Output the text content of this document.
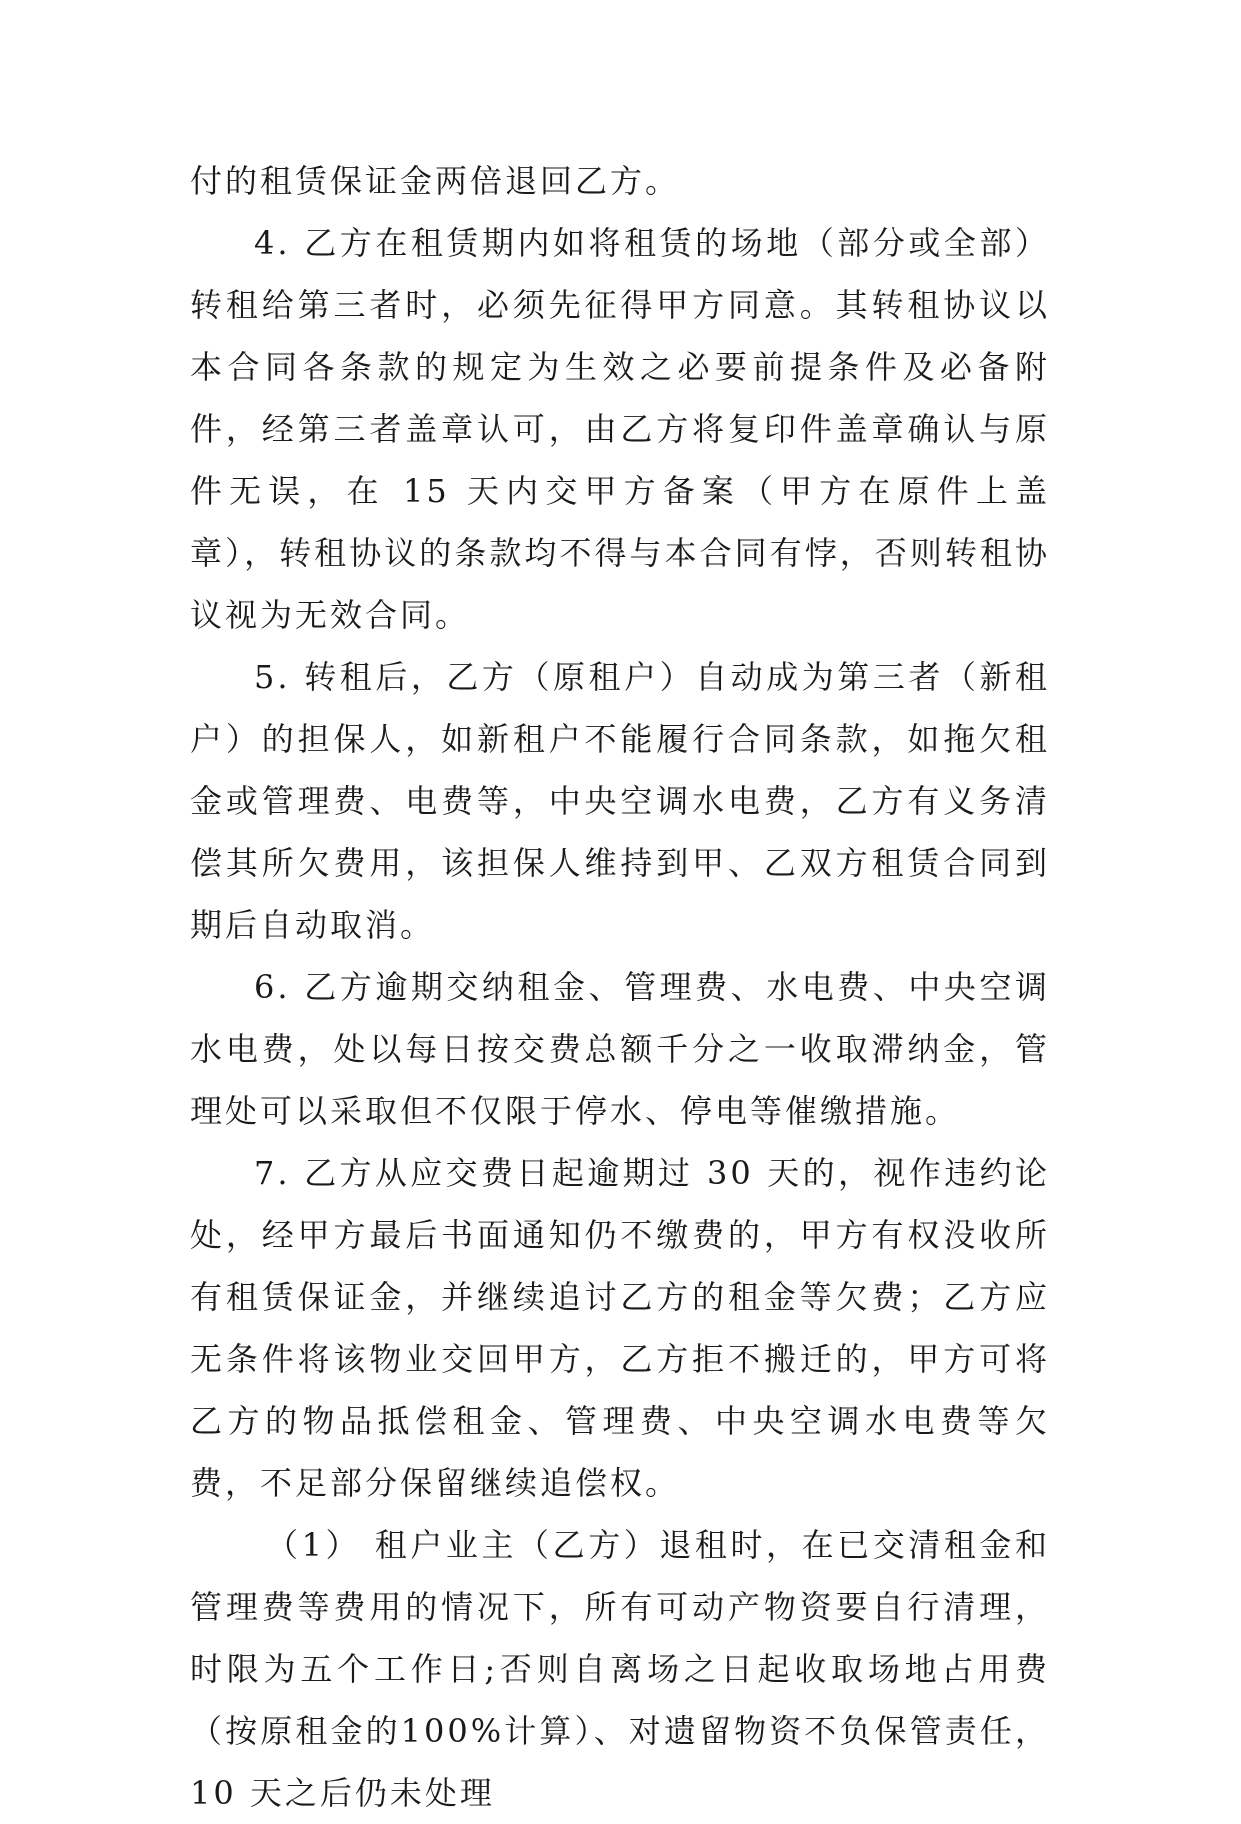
付的租赁保证金两倍退回乙方。

4. 乙方在租赁期内如将租赁的场地（部分或全部）转租给第三者时，必须先征得甲方同意。其转租协议以本合同各条款的规定为生效之必要前提条件及必备附件，经第三者盖章认可，由乙方将复印件盖章确认与原件无误，在 15 天内交甲方备案（甲方在原件上盖章），转租协议的条款均不得与本合同有悖，否则转租协议视为无效合同。

5. 转租后，乙方（原租户）自动成为第三者（新租户）的担保人，如新租户不能履行合同条款，如拖欠租金或管理费、电费等，中央空调水电费，乙方有义务清偿其所欠费用，该担保人维持到甲、乙双方租赁合同到期后自动取消。

6. 乙方逾期交纳租金、管理费、水电费、中央空调水电费，处以每日按交费总额千分之一收取滞纳金，管理处可以采取但不仅限于停水、停电等催缴措施。

7. 乙方从应交费日起逾期过 30 天的，视作违约论处，经甲方最后书面通知仍不缴费的，甲方有权没收所有租赁保证金，并继续追讨乙方的租金等欠费；乙方应无条件将该物业交回甲方，乙方拒不搬迁的，甲方可将乙方的物品抵偿租金、管理费、中央空调水电费等欠费，不足部分保留继续追偿权。

（1） 租户业主（乙方）退租时，在已交清租金和管理费等费用的情况下，所有可动产物资要自行清理，时限为五个工作日;否则自离场之日起收取场地占用费（按原租金的100%计算）、对遗留物资不负保管责任，10 天之后仍未处理
